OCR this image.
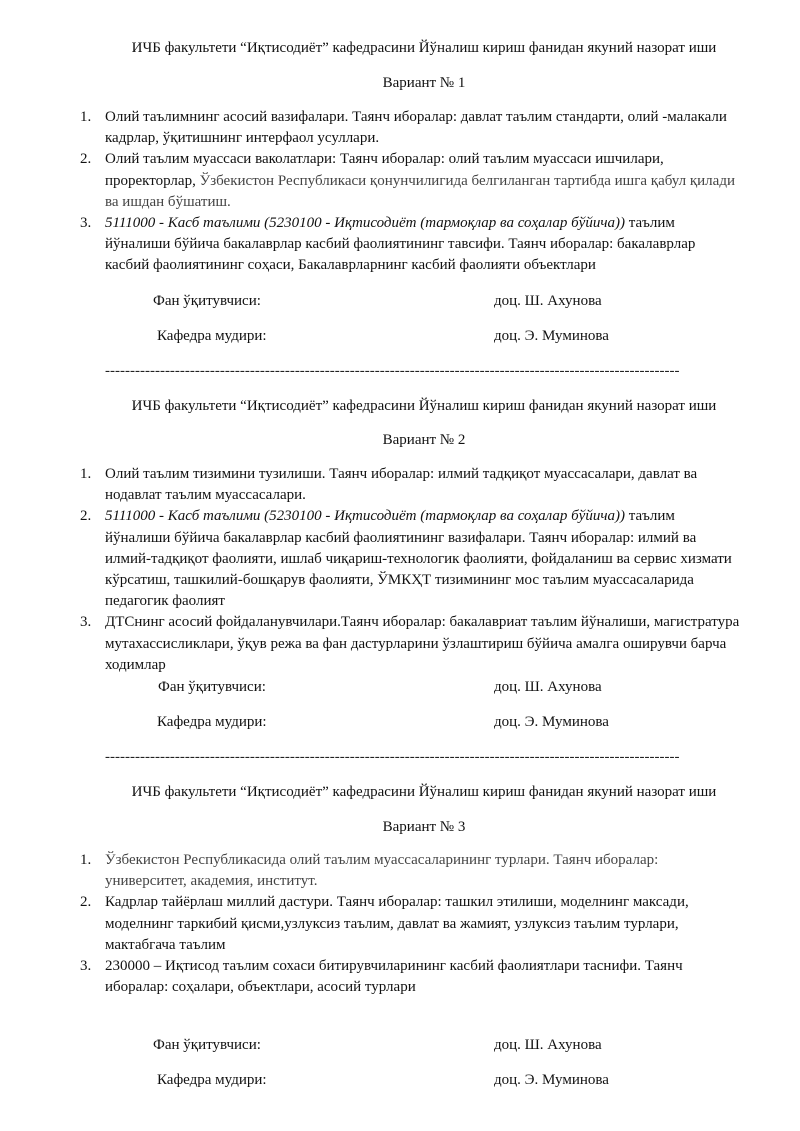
ИЧБ факультети “Иқтисодиёт” кафедрасини Йўналиш кириш фанидан якуний назорат иши
Вариант № 1
1. Олий таълимнинг асосий вазифалари. Таянч иборалар: давлат таълим стандарти, олий -малакали кадрлар, ўқитишнинг интерфаол усуллари.
2. Олий таълим муассаси ваколатлари: Таянч иборалар: олий таълим муассаси ишчилари, проректорлар, Ўзбекистон Республикаси қонунчилигида белгиланган тартибда ишга қабул қилади ва ишдан бўшатиш.
3. 5111000 - Касб таълими (5230100 - Иқтисодиёт (тармоқлар ва соҳалар бўйича)) таълим йўналиши бўйича бакалаврлар касбий фаолиятининг тавсифи. Таянч иборалар: бакалаврлар касбий фаолиятининг соҳаси, Бакалаврларнинг касбий фаолияти объектлари
Фан ўқитувчиси:	доц. Ш. Ахунова
Кафедра мудири:	доц. Э. Муминова
-------------------------------------------------------------------------------------------------------------------
ИЧБ факультети “Иқтисодиёт” кафедрасини Йўналиш кириш фанидан якуний назорат иши
Вариант № 2
1. Олий таълим тизимини тузилиши. Таянч иборалар: илмий тадқиқот муассасалари, давлат ва нодавлат таълим муассасалари.
2. 5111000 - Касб таълими (5230100 - Иқтисодиёт (тармоқлар ва соҳалар бўйича)) таълим йўналиши бўйича бакалаврлар касбий фаолиятининг вазифалари. Таянч иборалар: илмий ва илмий-тадқиқот фаолияти, ишлаб чиқариш-технологик фаолияти, фойдаланиш ва сервис хизмати кўрсатиш, ташкилий-бошқарув фаолияти, ЎМКҲТ тизимининг мос таълим муассасаларида педагогик фаолият
3. ДТСнинг асосий фойдаланувчилари.Таянч иборалар: бакалавриат таълим йўналиши, магистратура мутахассисликлари, ўқув режа ва фан дастурларини ўзлаштириш бўйича амалга оширувчи барча ходимлар
Фан ўқитувчиси:	доц. Ш. Ахунова
Кафедра мудири:	доц. Э. Муминова
-------------------------------------------------------------------------------------------------------------------
ИЧБ факультети “Иқтисодиёт” кафедрасини Йўналиш кириш фанидан якуний назорат иши
Вариант № 3
1. Ўзбекистон Республикасида олий таълим муассасаларининг турлари. Таянч иборалар: университет, академия, институт.
2. Кадрлар тайёрлаш миллий дастури. Таянч иборалар: ташкил этилиши, моделнинг максади, моделнинг таркибий қисми,узлуксиз таълим, давлат ва жамият, узлуксиз таълим турлари, мактабгача таълим
3. 230000 – Иқтисод таълим сохаси битирувчиларининг касбий фаолиятлари таснифи. Таянч иборалар: соҳалари, объектлари, асосий турлари
Фан ўқитувчиси:	доц. Ш. Ахунова
Кафедра мудири:	доц. Э. Муминова
